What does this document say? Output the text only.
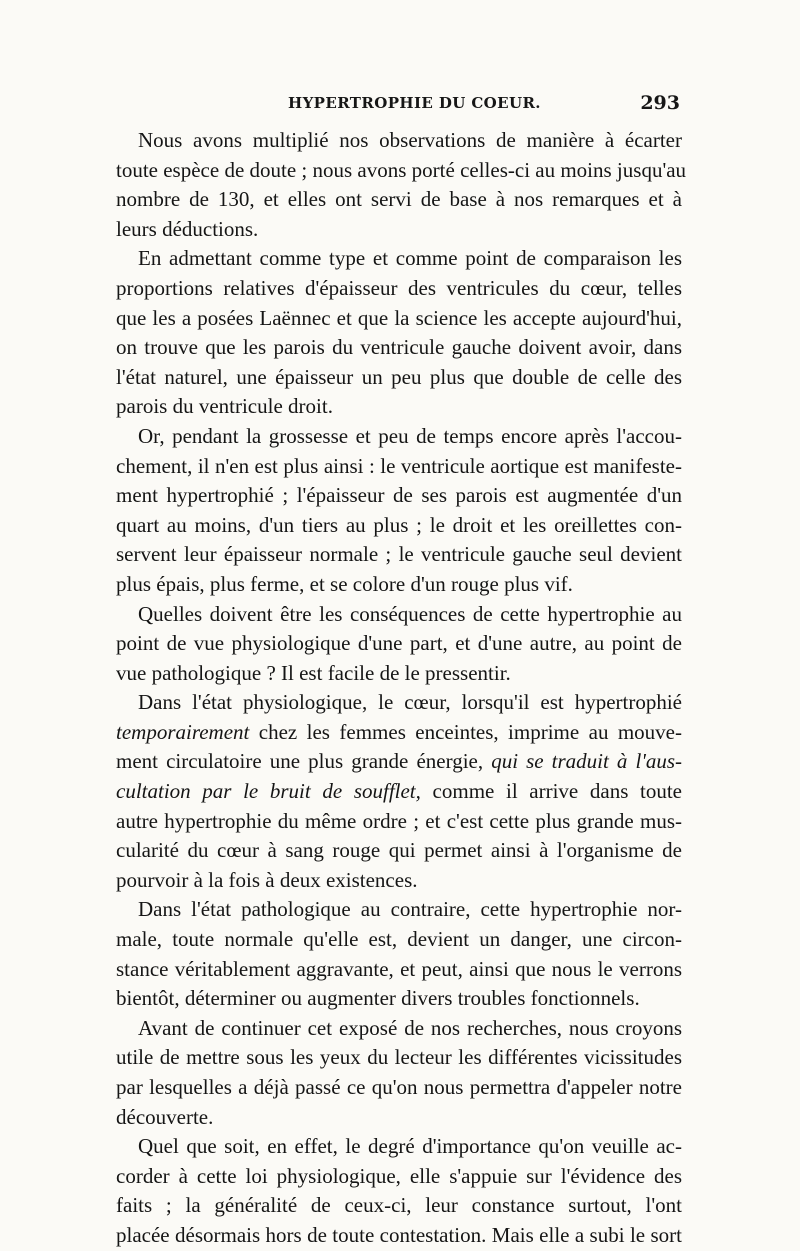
HYPERTROPHIE DU COEUR.	293

Nous avons multiplié nos observations de manière à écarter
toute espèce de doute ; nous avons porté celles-ci au moins jusqu'au
nombre de 130, et elles ont servi de base à nos remarques et à
leurs déductions.

En admettant comme type et comme point de comparaison les
proportions relatives d'épaisseur des ventricules du cœur, telles
que les a posées Laënnec et que la science les accepte aujourd'hui,
on trouve que les parois du ventricule gauche doivent avoir, dans
l'état naturel, une épaisseur un peu plus que double de celle des
parois du ventricule droit.

Or, pendant la grossesse et peu de temps encore après l'accou-
chement, il n'en est plus ainsi : le ventricule aortique est manifeste-
ment hypertrophié ; l'épaisseur de ses parois est augmentée d'un
quart au moins, d'un tiers au plus ; le droit et les oreillettes con-
servent leur épaisseur normale ; le ventricule gauche seul devient
plus épais, plus ferme, et se colore d'un rouge plus vif.

Quelles doivent être les conséquences de cette hypertrophie au
point de vue physiologique d'une part, et d'une autre, au point de
vue pathologique ? Il est facile de le pressentir.

Dans l'état physiologique, le cœur, lorsqu'il est hypertrophié
temporairement chez les femmes enceintes, imprime au mouve-
ment circulatoire une plus grande énergie, qui se traduit à l'aus-
cultation par le bruit de soufflet, comme il arrive dans toute
autre hypertrophie du même ordre ; et c'est cette plus grande mus-
cularité du cœur à sang rouge qui permet ainsi à l'organisme de
pourvoir à la fois à deux existences.

Dans l'état pathologique au contraire, cette hypertrophie nor-
male, toute normale qu'elle est, devient un danger, une circon-
stance véritablement aggravante, et peut, ainsi que nous le verrons
bientôt, déterminer ou augmenter divers troubles fonctionnels.

Avant de continuer cet exposé de nos recherches, nous croyons
utile de mettre sous les yeux du lecteur les différentes vicissitudes
par lesquelles a déjà passé ce qu'on nous permettra d'appeler notre
découverte.

Quel que soit, en effet, le degré d'importance qu'on veuille ac-
corder à cette loi physiologique, elle s'appuie sur l'évidence des
faits ; la généralité de ceux-ci, leur constance surtout, l'ont
placée désormais hors de toute contestation. Mais elle a subi le sort
